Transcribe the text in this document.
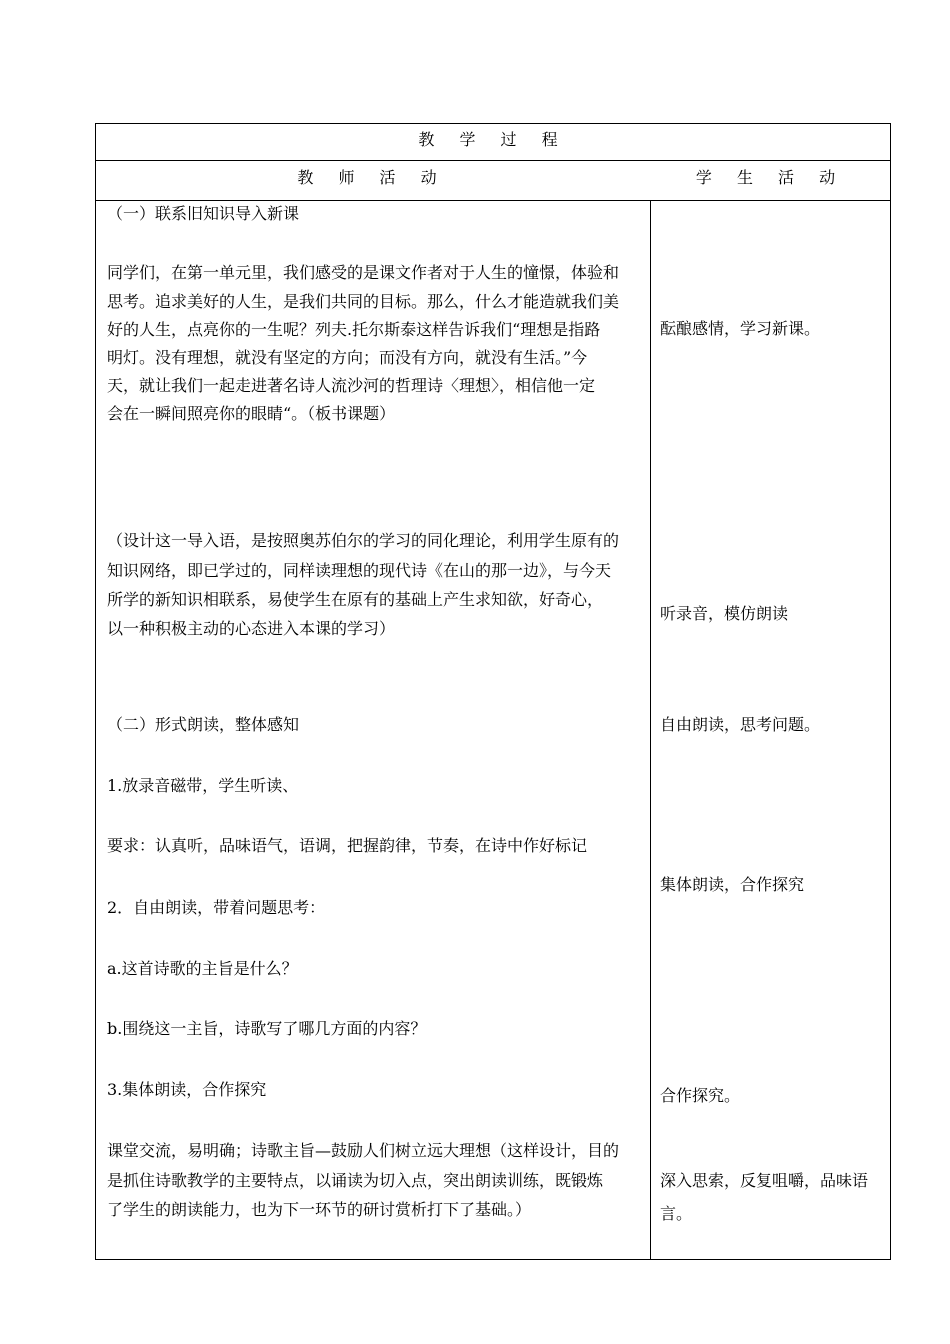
教 学 过 程
教 师 活 动	学 生 活 动
（一）联系旧知识导入新课
同学们，在第一单元里，我们感受的是课文作者对于人生的憧憬，体验和
思考。追求美好的人生，是我们共同的目标。那么，什么才能造就我们美
好的人生，点亮你的一生呢？列夫.托尔斯泰这样告诉我们“理想是指路
明灯。没有理想，就没有坚定的方向；而没有方向，就没有生活。”今
天，就让我们一起走进著名诗人流沙河的哲理诗〈理想〉，相信他一定
会在一瞬间照亮你的眼睛“。（板书课题）
（设计这一导入语，是按照奥苏伯尔的学习的同化理论，利用学生原有的
知识网络，即已学过的，同样读理想的现代诗《在山的那一边》，与今天
所学的新知识相联系，易使学生在原有的基础上产生求知欲，好奇心，
以一种积极主动的心态进入本课的学习）
（二）形式朗读，整体感知
1.放录音磁带，学生听读、
要求：认真听，品味语气，语调，把握韵律，节奏，在诗中作好标记
2．自由朗读，带着问题思考：
a.这首诗歌的主旨是什么？
b.围绕这一主旨，诗歌写了哪几方面的内容？
3.集体朗读，合作探究
课堂交流，易明确；诗歌主旨—鼓励人们树立远大理想（这样设计，目的
是抓住诗歌教学的主要特点，以诵读为切入点，突出朗读训练，既锻炼
了学生的朗读能力，也为下一环节的研讨赏析打下了基础。）
酝酿感情，学习新课。
听录音，模仿朗读
自由朗读，思考问题。
集体朗读，合作探究
合作探究。
深入思索，反复咀嚼，品味语
言。
